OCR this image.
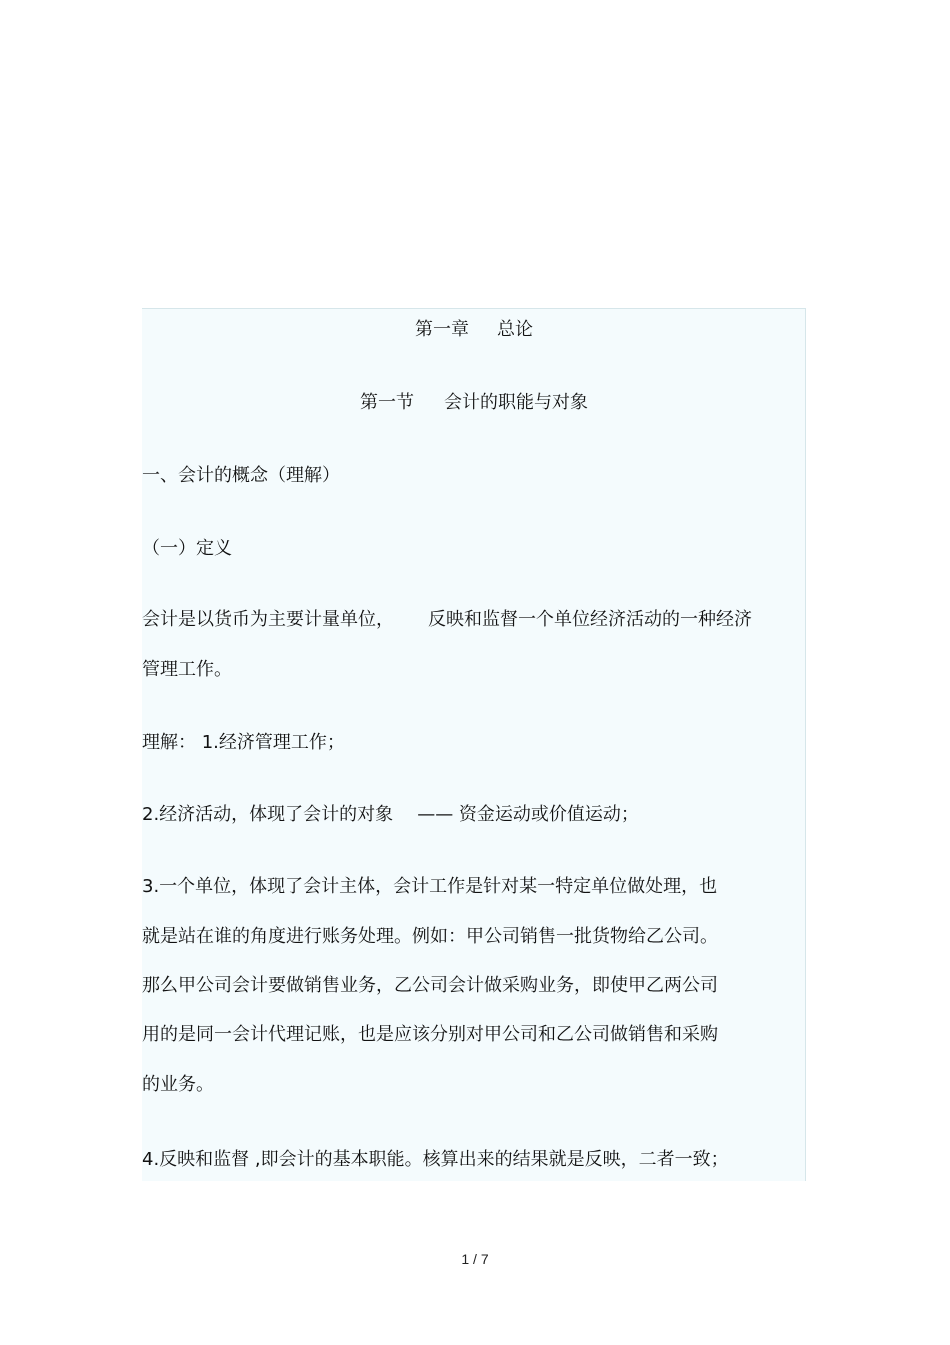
第一章 总论
第一节 会计的职能与对象
一、会计的概念（理解）
（一）定义
会计是以货币为主要计量单位， 反映和监督一个单位经济活动的一种经济
管理工作。
理解： 1.经济管理工作；
2.经济活动，体现了会计的对象 —— 资金运动或价值运动；
3.一个单位，体现了会计主体，会计工作是针对某一特定单位做处理，也
就是站在谁的角度进行账务处理。例如：甲公司销售一批货物给乙公司。
那么甲公司会计要做销售业务，乙公司会计做采购业务，即使甲乙两公司
用的是同一会计代理记账，也是应该分别对甲公司和乙公司做销售和采购
的业务。
4.反映和监督 ,即会计的基本职能。核算出来的结果就是反映，二者一致；
1 / 7
